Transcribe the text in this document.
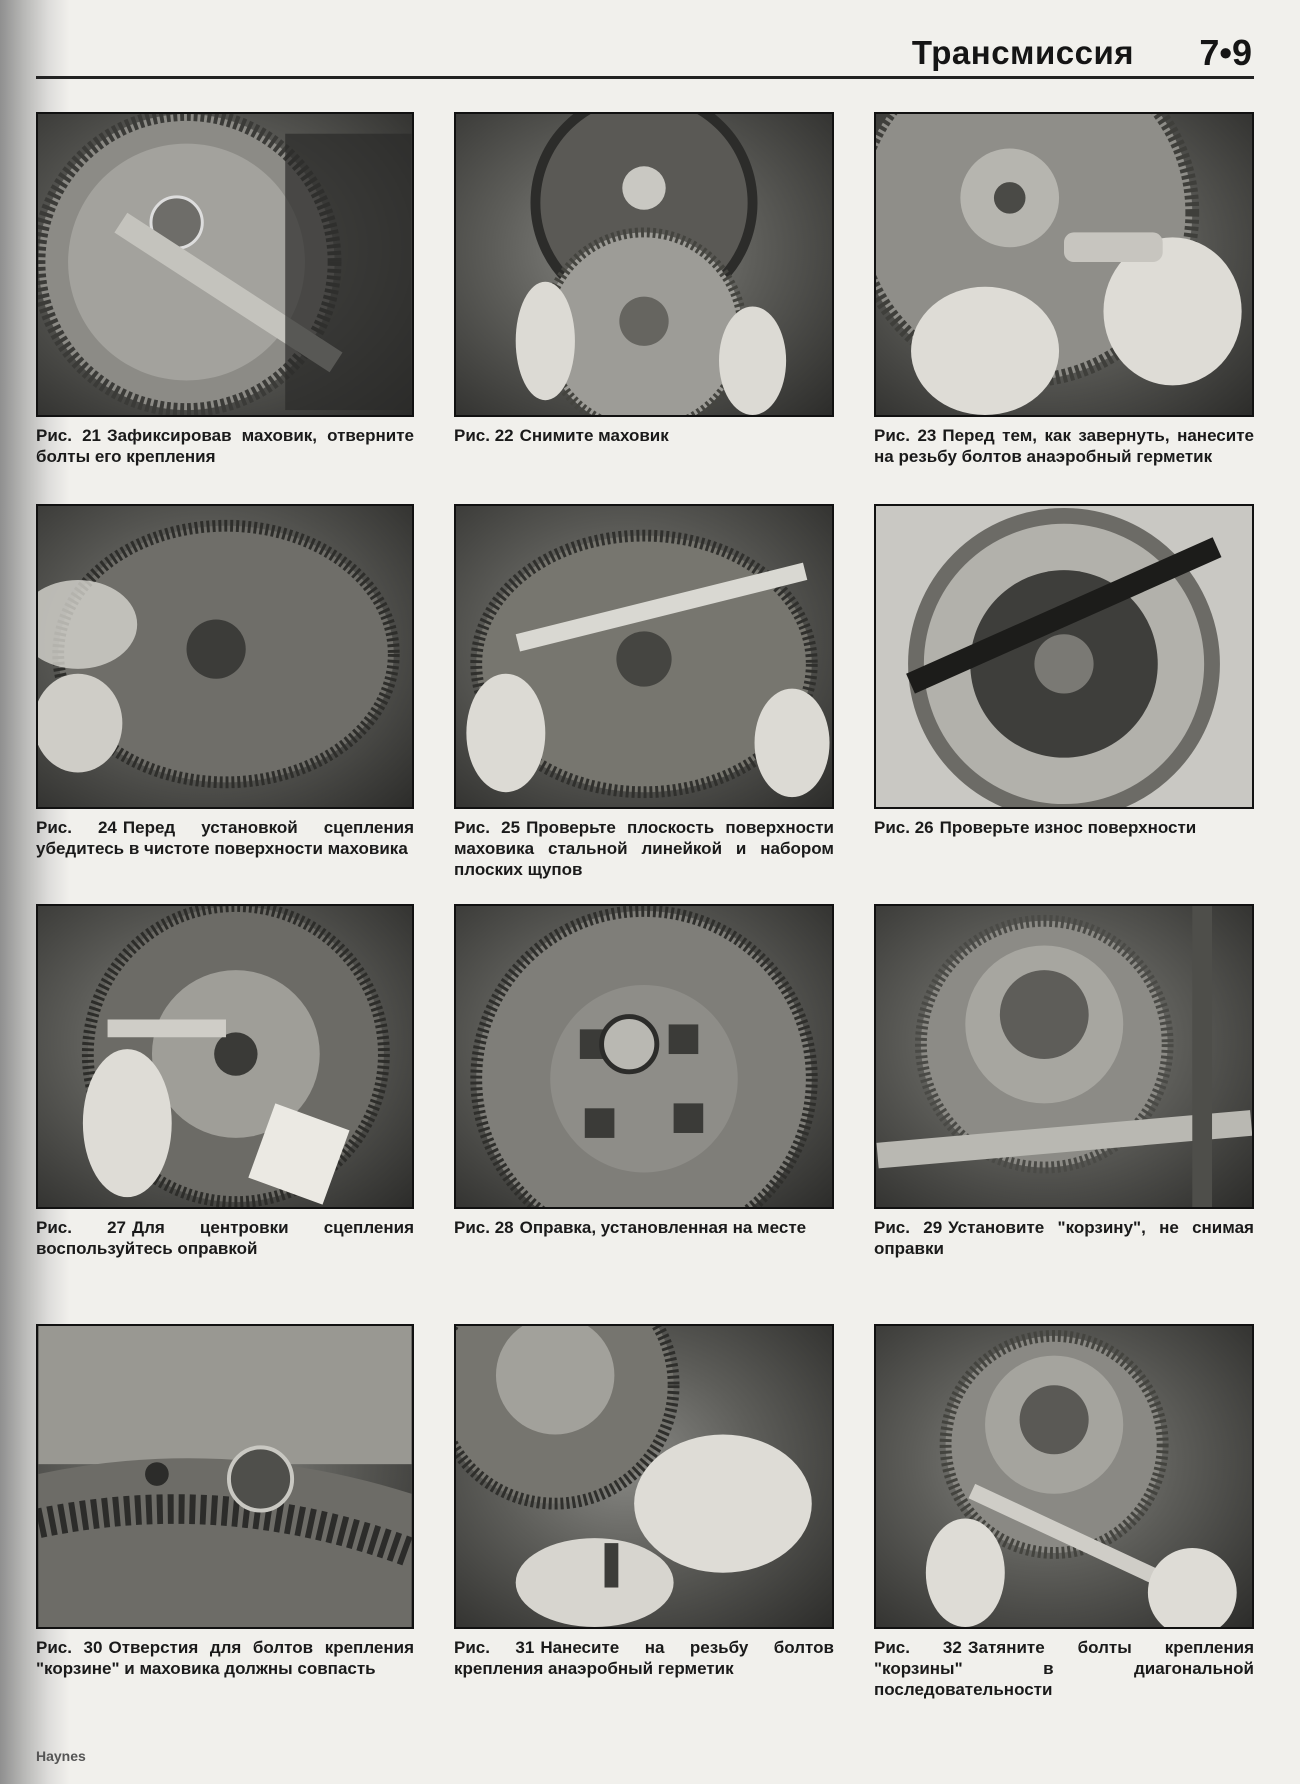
Трансмиссия 7•9
Рис. 21 Зафиксировав маховик, отверните болты его крепления
Рис. 22 Снимите маховик	Рис. 23 Перед тем, как завернуть, нанесите на резьбу болтов анаэробный герметик
Рис. 24 Перед установкой сцепления убедитесь в чистоте поверхности маховика
Рис. 25 Проверьте плоскость поверхности маховика стальной линейкой и набором плоских щупов
Рис. 26 Проверьте износ поверхности
Рис. 27 Для центровки сцепления воспользуйтесь оправкой
Рис. 28 Оправка, установленная на месте	Рис. 29 Установите "корзину", не снимая оправки
Рис. 30 Отверстия для болтов крепления "корзине" и маховика должны совпасть
Рис. 31 Нанесите на резьбу болтов крепления анаэробный герметик
Рис. 32 Затяните болты крепления "корзины" в диагональной последовательности
Haynes
